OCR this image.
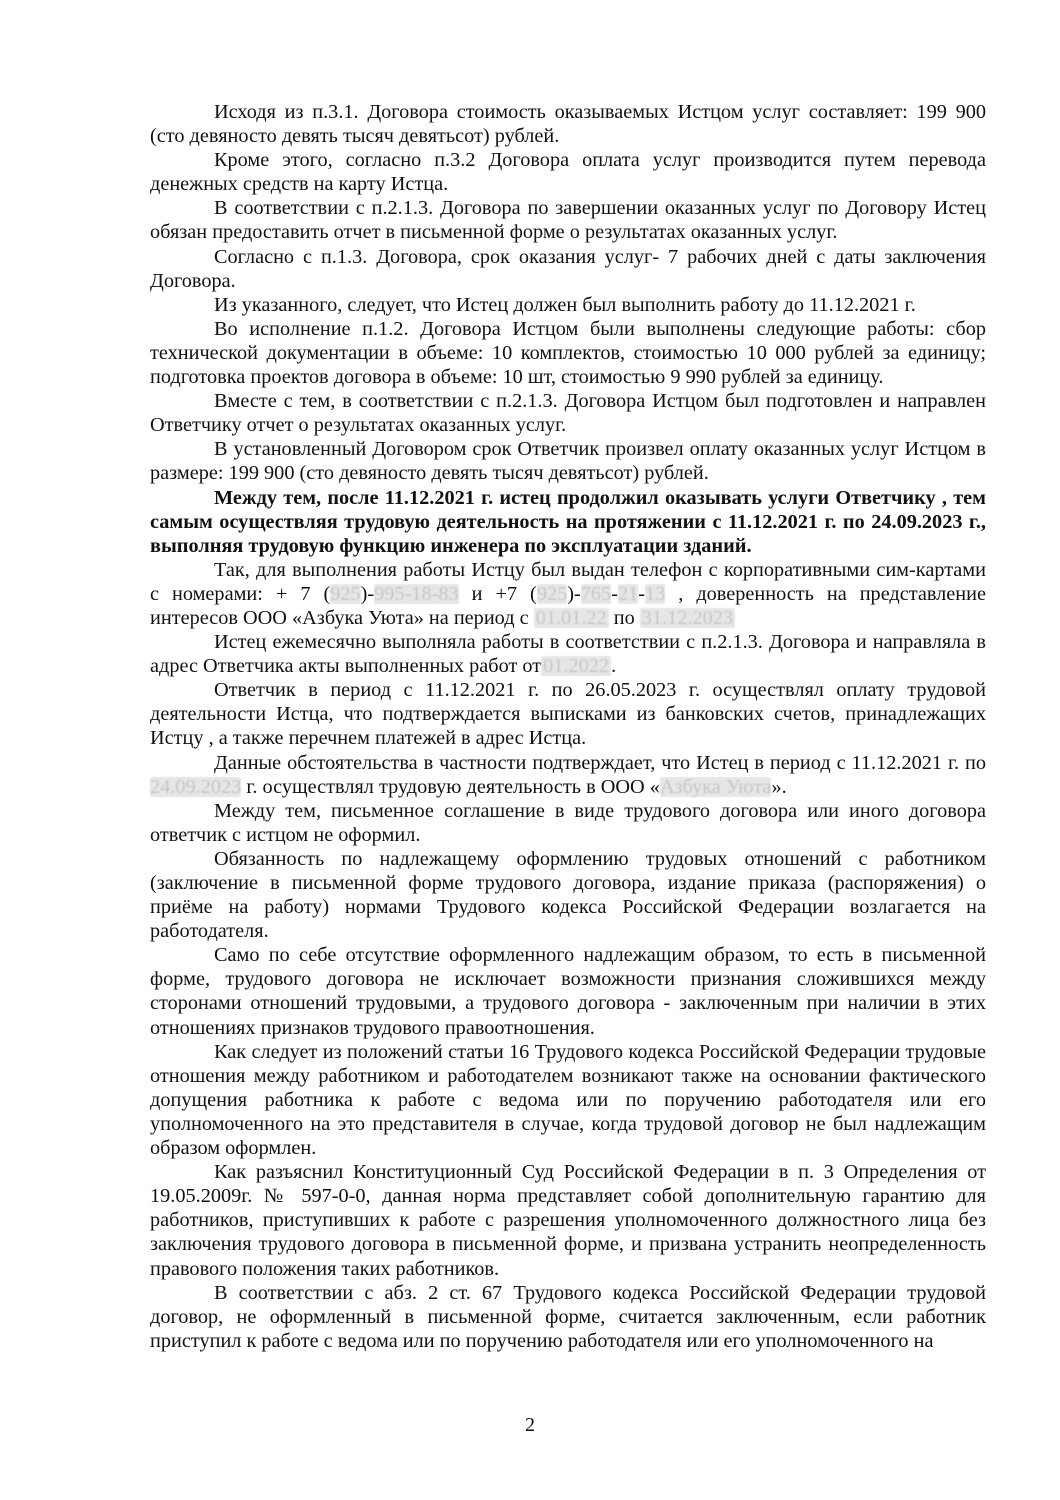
Исходя из п.3.1. Договора стоимость оказываемых Истцом услуг составляет: 199 900 (сто девяносто девять тысяч девятьсот) рублей.

Кроме этого, согласно п.3.2 Договора оплата услуг производится путем перевода денежных средств на карту Истца.

В соответствии с п.2.1.3. Договора по завершении оказанных услуг по Договору Истец обязан предоставить отчет в письменной форме о результатах оказанных услуг.

Согласно с п.1.3. Договора, срок оказания услуг- 7 рабочих дней с даты заключения Договора.

Из указанного, следует, что Истец должен был выполнить работу до 11.12.2021 г.

Во исполнение п.1.2. Договора Истцом были выполнены следующие работы: сбор технической документации в объеме: 10 комплектов, стоимостью 10 000 рублей за единицу; подготовка проектов договора в объеме: 10 шт, стоимостью 9 990 рублей за единицу.

Вместе с тем, в соответствии с п.2.1.3. Договора Истцом был подготовлен и направлен Ответчику отчет о результатах оказанных услуг.

В установленный Договором срок Ответчик произвел оплату оказанных услуг Истцом в размере: 199 900 (сто девяносто девять тысяч девятьсот) рублей.

Между тем, после 11.12.2021 г. истец продолжил оказывать услуги Ответчику , тем самым осуществляя трудовую деятельность на протяжении с 11.12.2021 г. по 24.09.2023 г., выполняя трудовую функцию инженера по эксплуатации зданий.

Так, для выполнения работы Истцу был выдан телефон с корпоративными сим-картами с номерами: + 7 (925)-995-18-83 и +7 (925)-765-21-13 , доверенность на представление интересов ООО «Азбука Уюта» на период с 01.01.22 по 31.12.2023

Истец ежемесячно выполняла работы в соответствии с п.2.1.3. Договора и направляла в адрес Ответчика акты выполненных работ от01.2022.

Ответчик в период с 11.12.2021 г. по 26.05.2023 г. осуществлял оплату трудовой деятельности Истца, что подтверждается выписками из банковских счетов, принадлежащих Истцу , а также перечнем платежей в адрес Истца.

Данные обстоятельства в частности подтверждает, что Истец в период с 11.12.2021 г. по 24.09.2023 г. осуществлял трудовую деятельность в ООО «Азбука Уюта».

Между тем, письменное соглашение в виде трудового договора или иного договора ответчик с истцом не оформил.

Обязанность по надлежащему оформлению трудовых отношений с работником (заключение в письменной форме трудового договора, издание приказа (распоряжения) о приёме на работу) нормами Трудового кодекса Российской Федерации возлагается на работодателя.

Само по себе отсутствие оформленного надлежащим образом, то есть в письменной форме, трудового договора не исключает возможности признания сложившихся между сторонами отношений трудовыми, а трудового договора - заключенным при наличии в этих отношениях признаков трудового правоотношения.

Как следует из положений статьи 16 Трудового кодекса Российской Федерации трудовые отношения между работником и работодателем возникают также на основании фактического допущения работника к работе с ведома или по поручению работодателя или его уполномоченного на это представителя в случае, когда трудовой договор не был надлежащим образом оформлен.

Как разъяснил Конституционный Суд Российской Федерации в п. 3 Определения от 19.05.2009г. № 597-0-0, данная норма представляет собой дополнительную гарантию для работников, приступивших к работе с разрешения уполномоченного должностного лица без заключения трудового договора в письменной форме, и призвана устранить неопределенность правового положения таких работников.

В соответствии с абз. 2 ст. 67 Трудового кодекса Российской Федерации трудовой договор, не оформленный в письменной форме, считается заключенным, если работник приступил к работе с ведома или по поручению работодателя или его уполномоченного на

2
